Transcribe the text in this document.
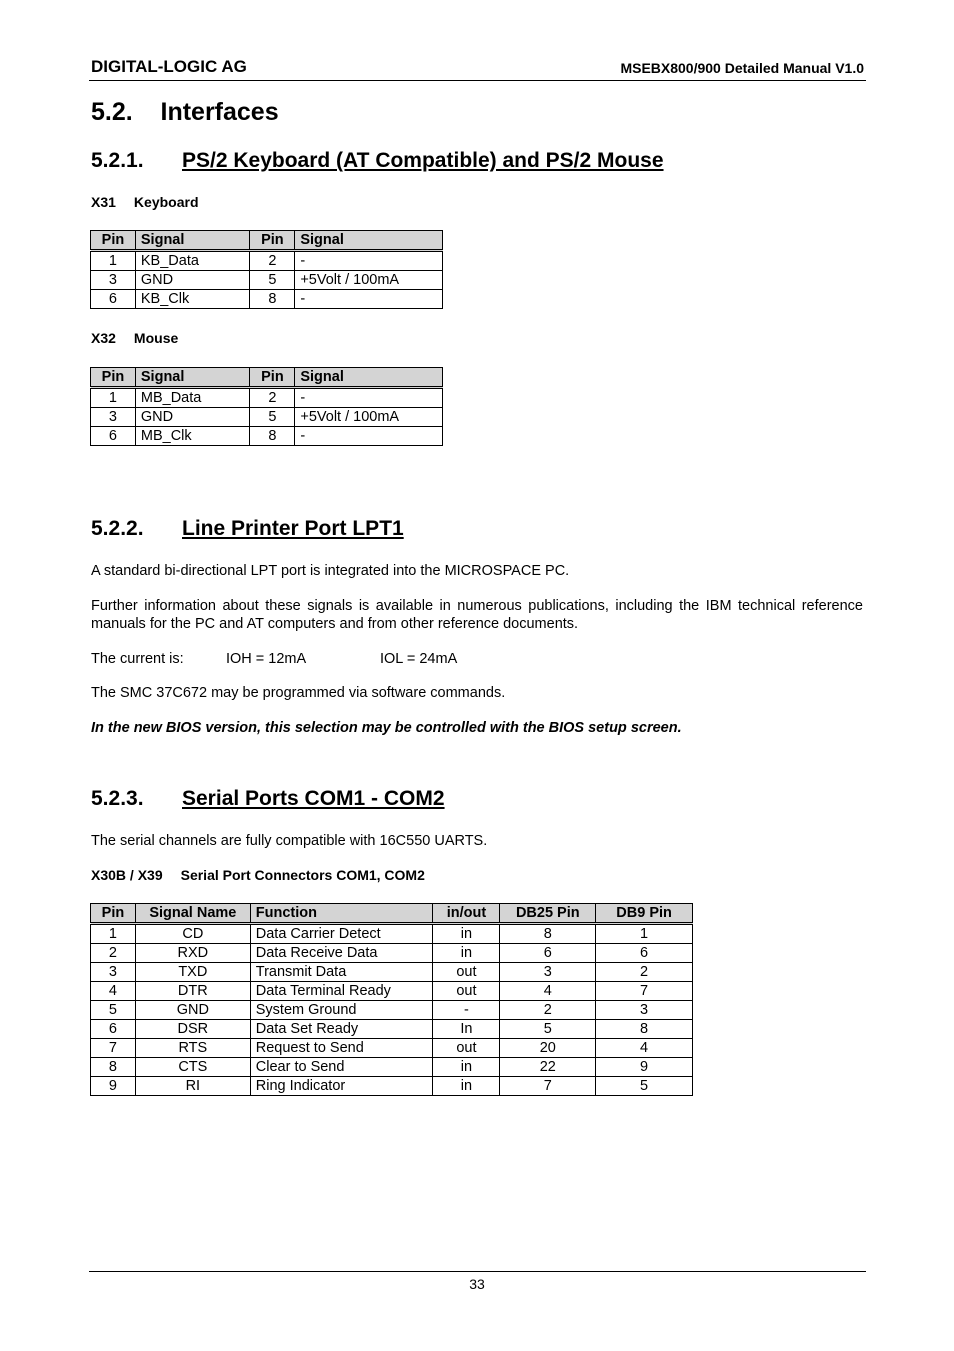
DIGITAL-LOGIC AG	MSEBX800/900 Detailed Manual V1.0
5.2. Interfaces
5.2.1. PS/2 Keyboard (AT Compatible) and PS/2 Mouse
X31 Keyboard
Pin	Signal	Pin	Signal
1	KB_Data	2	-
3	GND	5	+5Volt / 100mA
6	KB_Clk	8	-
X32 Mouse
Pin	Signal	Pin	Signal
1	MB_Data	2	-
3	GND	5	+5Volt / 100mA
6	MB_Clk	8	-
5.2.2. Line Printer Port LPT1
A standard bi-directional LPT port is integrated into the MICROSPACE PC.
Further information about these signals is available in numerous publications, including the IBM technical reference manuals for the PC and AT computers and from other reference documents.
The current is:	IOH = 12mA	IOL = 24mA
The SMC 37C672 may be programmed via software commands.
In the new BIOS version, this selection may be controlled with the BIOS setup screen.
5.2.3. Serial Ports COM1 - COM2
The serial channels are fully compatible with 16C550 UARTS.
X30B / X39 Serial Port Connectors COM1, COM2
Pin	Signal Name	Function	in/out	DB25 Pin	DB9 Pin
1	CD	Data Carrier Detect	in	8	1
2	RXD	Data Receive Data	in	6	6
3	TXD	Transmit Data	out	3	2
4	DTR	Data Terminal Ready	out	4	7
5	GND	System Ground	-	2	3
6	DSR	Data Set Ready	In	5	8
7	RTS	Request to Send	out	20	4
8	CTS	Clear to Send	in	22	9
9	RI	Ring Indicator	in	7	5
33
